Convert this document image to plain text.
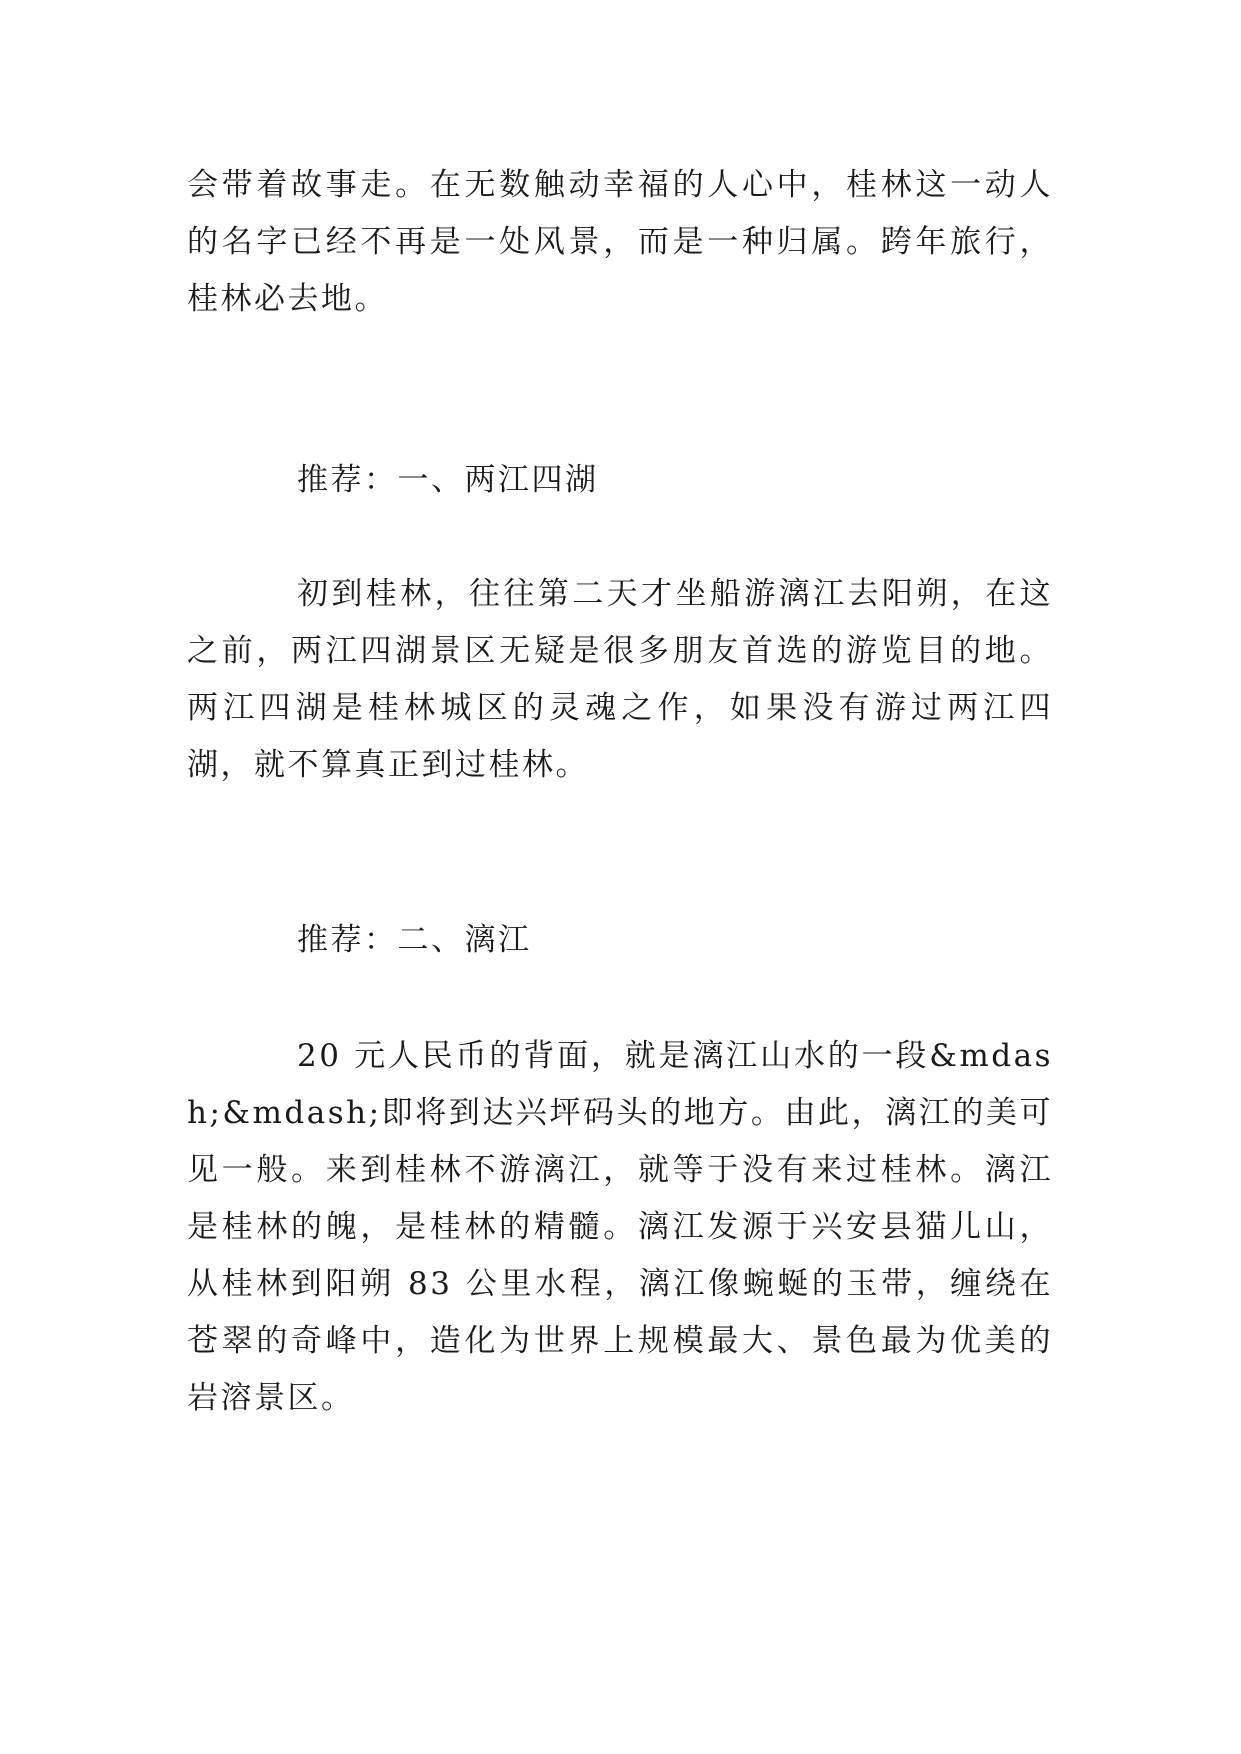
会带着故事走。在无数触动幸福的人心中，桂林这一动人的名字已经不再是一处风景，而是一种归属。跨年旅行，桂林必去地。

推荐：一、两江四湖

初到桂林，往往第二天才坐船游漓江去阳朔，在这之前，两江四湖景区无疑是很多朋友首选的游览目的地。两江四湖是桂林城区的灵魂之作，如果没有游过两江四湖，就不算真正到过桂林。

推荐：二、漓江

20 元人民币的背面，就是漓江山水的一段&mdash;&mdash;即将到达兴坪码头的地方。由此，漓江的美可见一般。来到桂林不游漓江，就等于没有来过桂林。漓江是桂林的魄，是桂林的精髓。漓江发源于兴安县猫儿山，从桂林到阳朔 83 公里水程，漓江像蜿蜒的玉带，缠绕在苍翠的奇峰中，造化为世界上规模最大、景色最为优美的岩溶景区。
